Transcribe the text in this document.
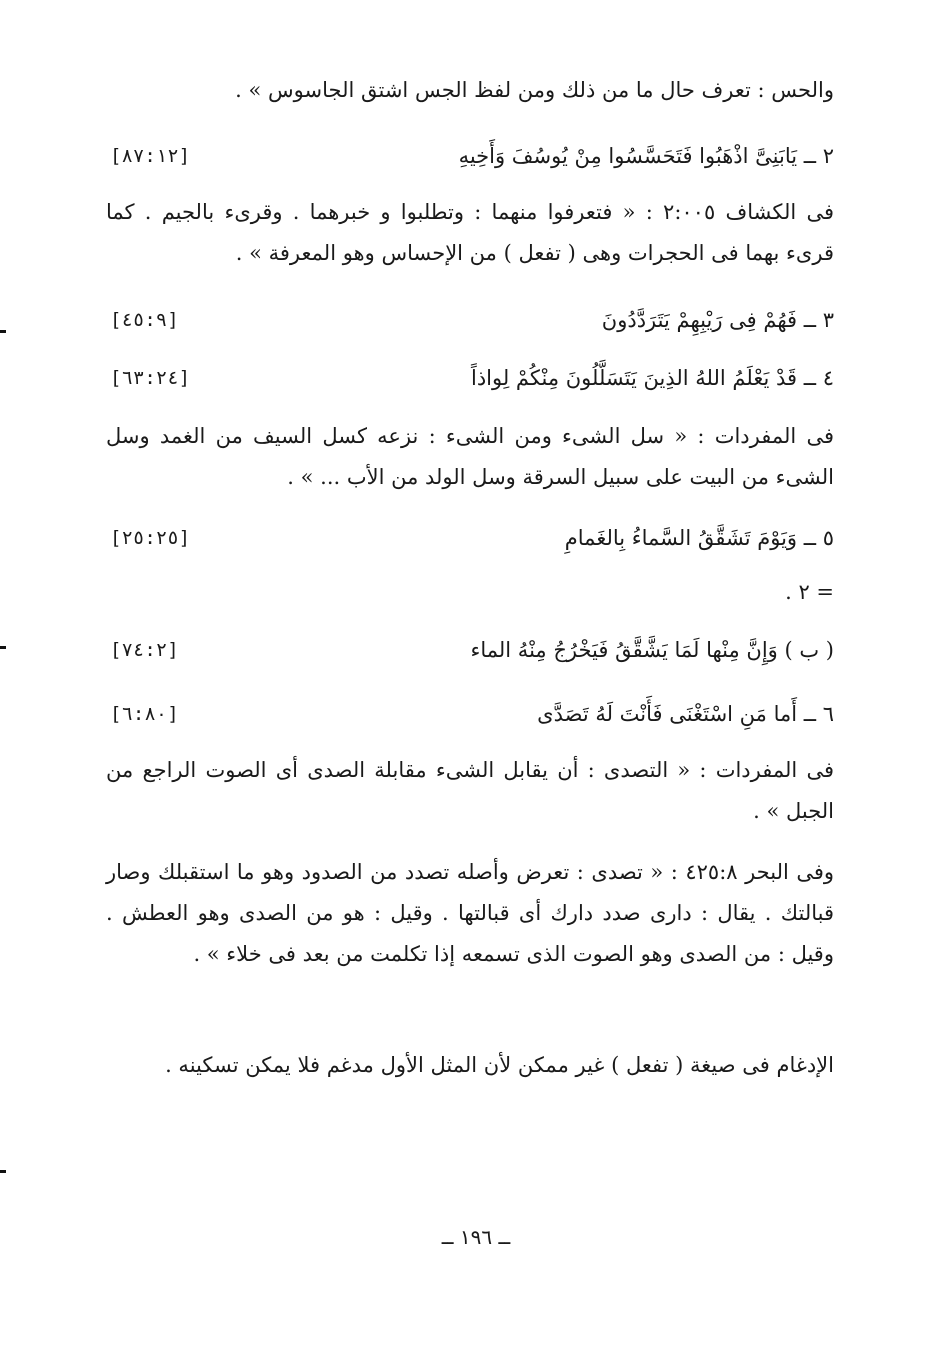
والحس : تعرف حال ما من ذلك ومن لفظ الجس اشتق الجاسوس » .
٢ ــ يَابَنِىَّ اذْهَبُوا فَتَحَسَّسُوا مِنْ يُوسُفَ وَأَخِيهِ
[٨٧:١٢]
فى الكشاف ٢:٠٠٥ : « فتعرفوا منهما : وتطلبوا و خبرهما . وقرىء بالجيم . كما قرىء بهما فى الحجرات وهى ( تفعل ) من الإحساس وهو المعرفة » .
٣ ــ فَهُمْ فِى رَيْبِهِمْ يَتَرَدَّدُونَ
[٤٥:٩]
٤ ــ قَدْ يَعْلَمُ اللهُ الذِينَ يَتَسَلَّلُونَ مِنْكُمْ لِواذاً
[٦٣:٢٤]
فى المفردات : « سل الشىء ومن الشىء : نزعه كسل السيف من الغمد وسل الشىء من البيت على سبيل السرقة وسل الولد من الأب ... » .
٥ ــ وَيَوْمَ تَشَقَّقُ السَّماءُ بِالغَمامِ
[٢٥:٢٥]
= ٢ .
( ب ) وَإِنَّ مِنْها لَمَا يَشَّقَّقُ فَيَخْرُجُ مِنْهُ الماء
[٧٤:٢]
٦ ــ أَما مَنِ اسْتَغْنَى فَأَنْتَ لَهُ تَصَدَّى
[٦:٨٠]
فى المفردات : « التصدى : أن يقابل الشىء مقابلة الصدى أى الصوت الراجع من الجبل » .
وفى البحر ٤٢٥:٨ : « تصدى : تعرض وأصله تصدد من الصدود وهو ما استقبلك وصار قبالتك . يقال : دارى صدد دارك أى قبالتها . وقيل : هو من الصدى وهو العطش . وقيل : من الصدى وهو الصوت الذى تسمعه إذا تكلمت من بعد فى خلاء » .
الإدغام فى صيغة ( تفعل ) غير ممكن لأن المثل الأول مدغم فلا يمكن تسكينه .
ــ ١٩٦ ــ
